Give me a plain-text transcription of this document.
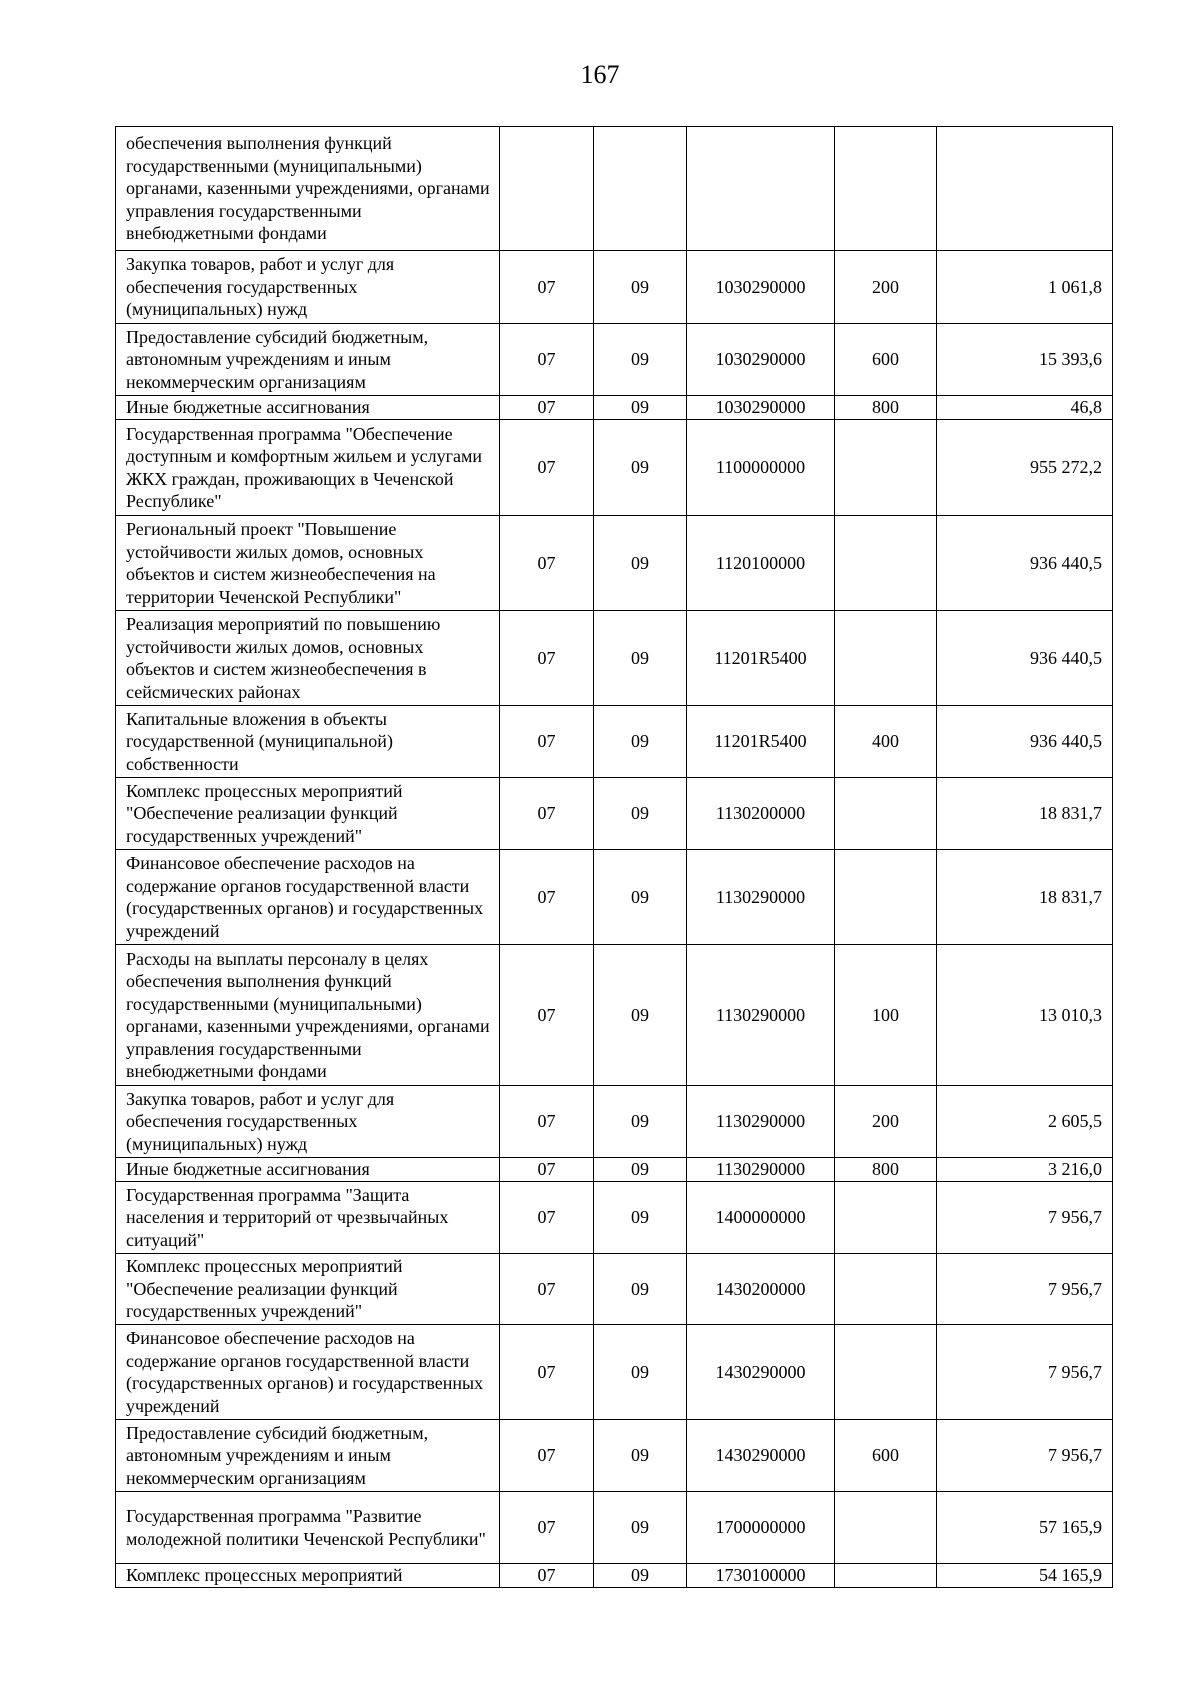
167
обеспечения выполнения функций государственными (муниципальными) органами, казенными учреждениями, органами управления государственными внебюджетными фондами					
Закупка товаров, работ и услуг для обеспечения государственных (муниципальных) нужд	07	09	1030290000	200	1 061,8
Предоставление субсидий бюджетным, автономным учреждениям и иным некоммерческим организациям	07	09	1030290000	600	15 393,6
Иные бюджетные ассигнования	07	09	1030290000	800	46,8
Государственная программа "Обеспечение доступным и комфортным жильем и услугами ЖКХ граждан, проживающих в Чеченской Республике"	07	09	1100000000		955 272,2
Региональный проект "Повышение устойчивости жилых домов, основных объектов и систем жизнеобеспечения на территории Чеченской Республики"	07	09	1120100000		936 440,5
Реализация мероприятий по повышению устойчивости жилых домов, основных объектов и систем жизнеобеспечения в сейсмических районах	07	09	11201R5400		936 440,5
Капитальные вложения в объекты государственной (муниципальной) собственности	07	09	11201R5400	400	936 440,5
Комплекс процессных мероприятий "Обеспечение реализации функций государственных учреждений"	07	09	1130200000		18 831,7
Финансовое обеспечение расходов на содержание органов государственной власти (государственных органов) и государственных учреждений	07	09	1130290000		18 831,7
Расходы на выплаты персоналу в целях обеспечения выполнения функций государственными (муниципальными) органами, казенными учреждениями, органами управления государственными внебюджетными фондами	07	09	1130290000	100	13 010,3
Закупка товаров, работ и услуг для обеспечения государственных (муниципальных) нужд	07	09	1130290000	200	2 605,5
Иные бюджетные ассигнования	07	09	1130290000	800	3 216,0
Государственная программа "Защита населения и территорий от чрезвычайных ситуаций"	07	09	1400000000		7 956,7
Комплекс процессных мероприятий "Обеспечение реализации функций государственных учреждений"	07	09	1430200000		7 956,7
Финансовое обеспечение расходов на содержание органов государственной власти (государственных органов) и государственных учреждений	07	09	1430290000		7 956,7
Предоставление субсидий бюджетным, автономным учреждениям и иным некоммерческим организациям	07	09	1430290000	600	7 956,7
Государственная программа "Развитие молодежной политики Чеченской Республики"	07	09	1700000000		57 165,9
Комплекс процессных мероприятий	07	09	1730100000		54 165,9
